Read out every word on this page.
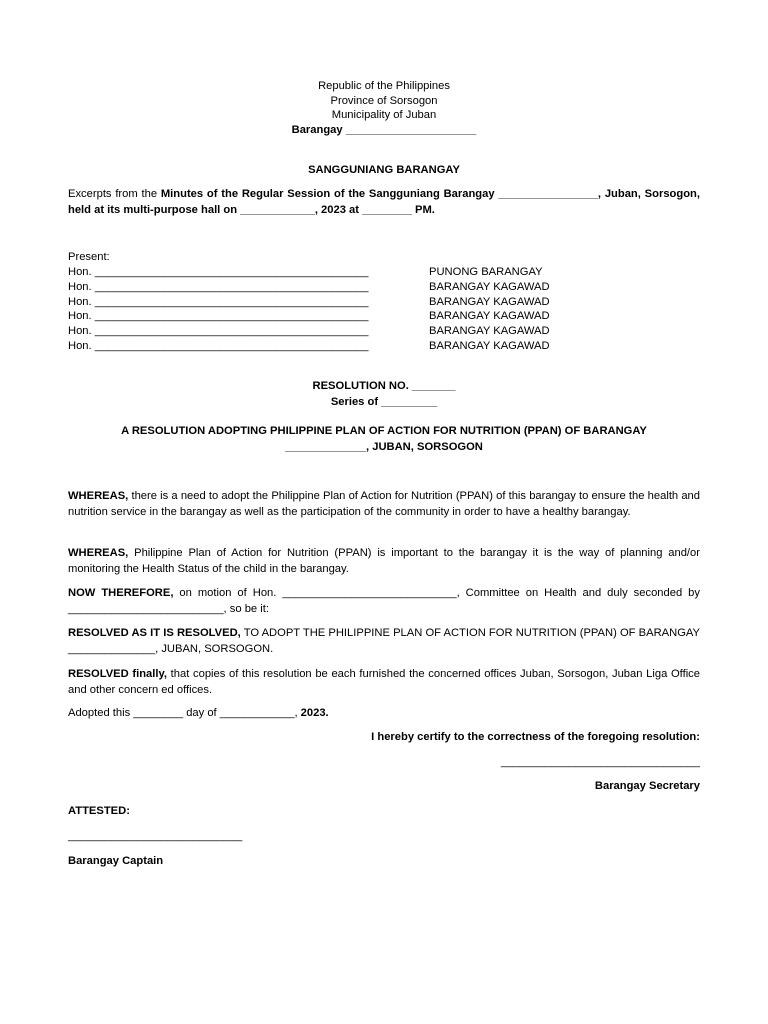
Republic of the Philippines
Province of Sorsogon
Municipality of Juban
Barangay _____________________
SANGGUNIANG BARANGAY
Excerpts from the Minutes of the Regular Session of the Sangguniang Barangay ________________, Juban, Sorsogon, held at its multi-purpose hall on ____________, 2023 at ________ PM.
Present:
Hon. ____________________________________________	PUNONG BARANGAY
Hon. ____________________________________________	BARANGAY KAGAWAD
Hon. ____________________________________________	BARANGAY KAGAWAD
Hon. ____________________________________________	BARANGAY KAGAWAD
Hon. ____________________________________________	BARANGAY KAGAWAD
Hon. ____________________________________________	BARANGAY KAGAWAD
RESOLUTION NO. _______
Series of _________
A RESOLUTION ADOPTING PHILIPPINE PLAN OF ACTION FOR NUTRITION (PPAN) OF BARANGAY
_____________, JUBAN, SORSOGON
WHEREAS, there is a need to adopt the Philippine Plan of Action for Nutrition (PPAN) of this barangay to ensure the health and nutrition service in the barangay as well as the participation of the community in order to have a healthy barangay.
WHEREAS, Philippine Plan of Action for Nutrition (PPAN) is important to the barangay it is the way of planning and/or monitoring the Health Status of the child in the barangay.
NOW THEREFORE, on motion of Hon. ____________________________, Committee on Health and duly seconded by _________________________, so be it:
RESOLVED AS IT IS RESOLVED, TO ADOPT THE PHILIPPINE PLAN OF ACTION FOR NUTRITION (PPAN) OF BARANGAY ______________, JUBAN, SORSOGON.
RESOLVED finally, that copies of this resolution be each furnished the concerned offices Juban, Sorsogon, Juban Liga Office and other concern ed offices.
Adopted this ________ day of ____________, 2023.
I hereby certify to the correctness of the foregoing resolution:
________________________________
Barangay Secretary
ATTESTED:
____________________________
Barangay Captain
